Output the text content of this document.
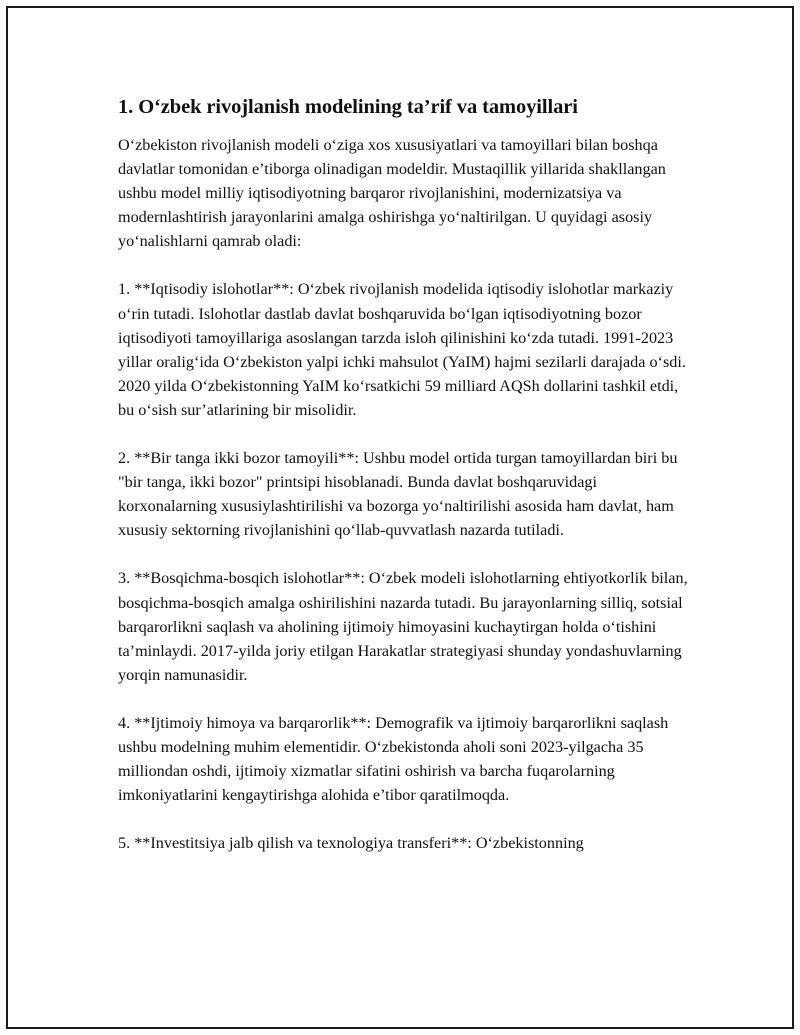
1. O‘zbek rivojlanish modelining ta’rif va tamoyillari

O‘zbekiston rivojlanish modeli o‘ziga xos xususiyatlari va tamoyillari bilan boshqa davlatlar tomonidan e’tiborga olinadigan modeldir. Mustaqillik yillarida shakllangan ushbu model milliy iqtisodiyotning barqaror rivojlanishini, modernizatsiya va modernlashtirish jarayonlarini amalga oshirishga yo‘naltirilgan. U quyidagi asosiy yo‘nalishlarni qamrab oladi:

1. **Iqtisodiy islohotlar**: O‘zbek rivojlanish modelida iqtisodiy islohotlar markaziy o‘rin tutadi. Islohotlar dastlab davlat boshqaruvida bo‘lgan iqtisodiyotning bozor iqtisodiyoti tamoyillariga asoslangan tarzda isloh qilinishini ko‘zda tutadi. 1991-2023 yillar oralig‘ida O‘zbekiston yalpi ichki mahsulot (YaIM) hajmi sezilarli darajada o‘sdi. 2020 yilda O‘zbekistonning YaIM ko‘rsatkichi 59 milliard AQSh dollarini tashkil etdi, bu o‘sish sur’atlarining bir misolidir.

2. **Bir tanga ikki bozor tamoyili**: Ushbu model ortida turgan tamoyillardan biri bu "bir tanga, ikki bozor" printsipi hisoblanadi. Bunda davlat boshqaruvidagi korxonalarning xususiylashtirilishi va bozorga yo‘naltirilishi asosida ham davlat, ham xususiy sektorning rivojlanishini qo‘llab-quvvatlash nazarda tutiladi.

3. **Bosqichma-bosqich islohotlar**: O‘zbek modeli islohotlarning ehtiyotkorlik bilan, bosqichma-bosqich amalga oshirilishini nazarda tutadi. Bu jarayonlarning silliq, sotsial barqarorlikni saqlash va aholining ijtimoiy himoyasini kuchaytirgan holda o‘tishini ta’minlaydi. 2017-yilda joriy etilgan Harakatlar strategiyasi shunday yondashuvlarning yorqin namunasidir.

4. **Ijtimoiy himoya va barqarorlik**: Demografik va ijtimoiy barqarorlikni saqlash ushbu modelning muhim elementidir. O‘zbekistonda aholi soni 2023-yilgacha 35 milliondan oshdi, ijtimoiy xizmatlar sifatini oshirish va barcha fuqarolarning imkoniyatlarini kengaytirishga alohida e’tibor qaratilmoqda.

5. **Investitsiya jalb qilish va texnologiya transferi**: O‘zbekistonning
